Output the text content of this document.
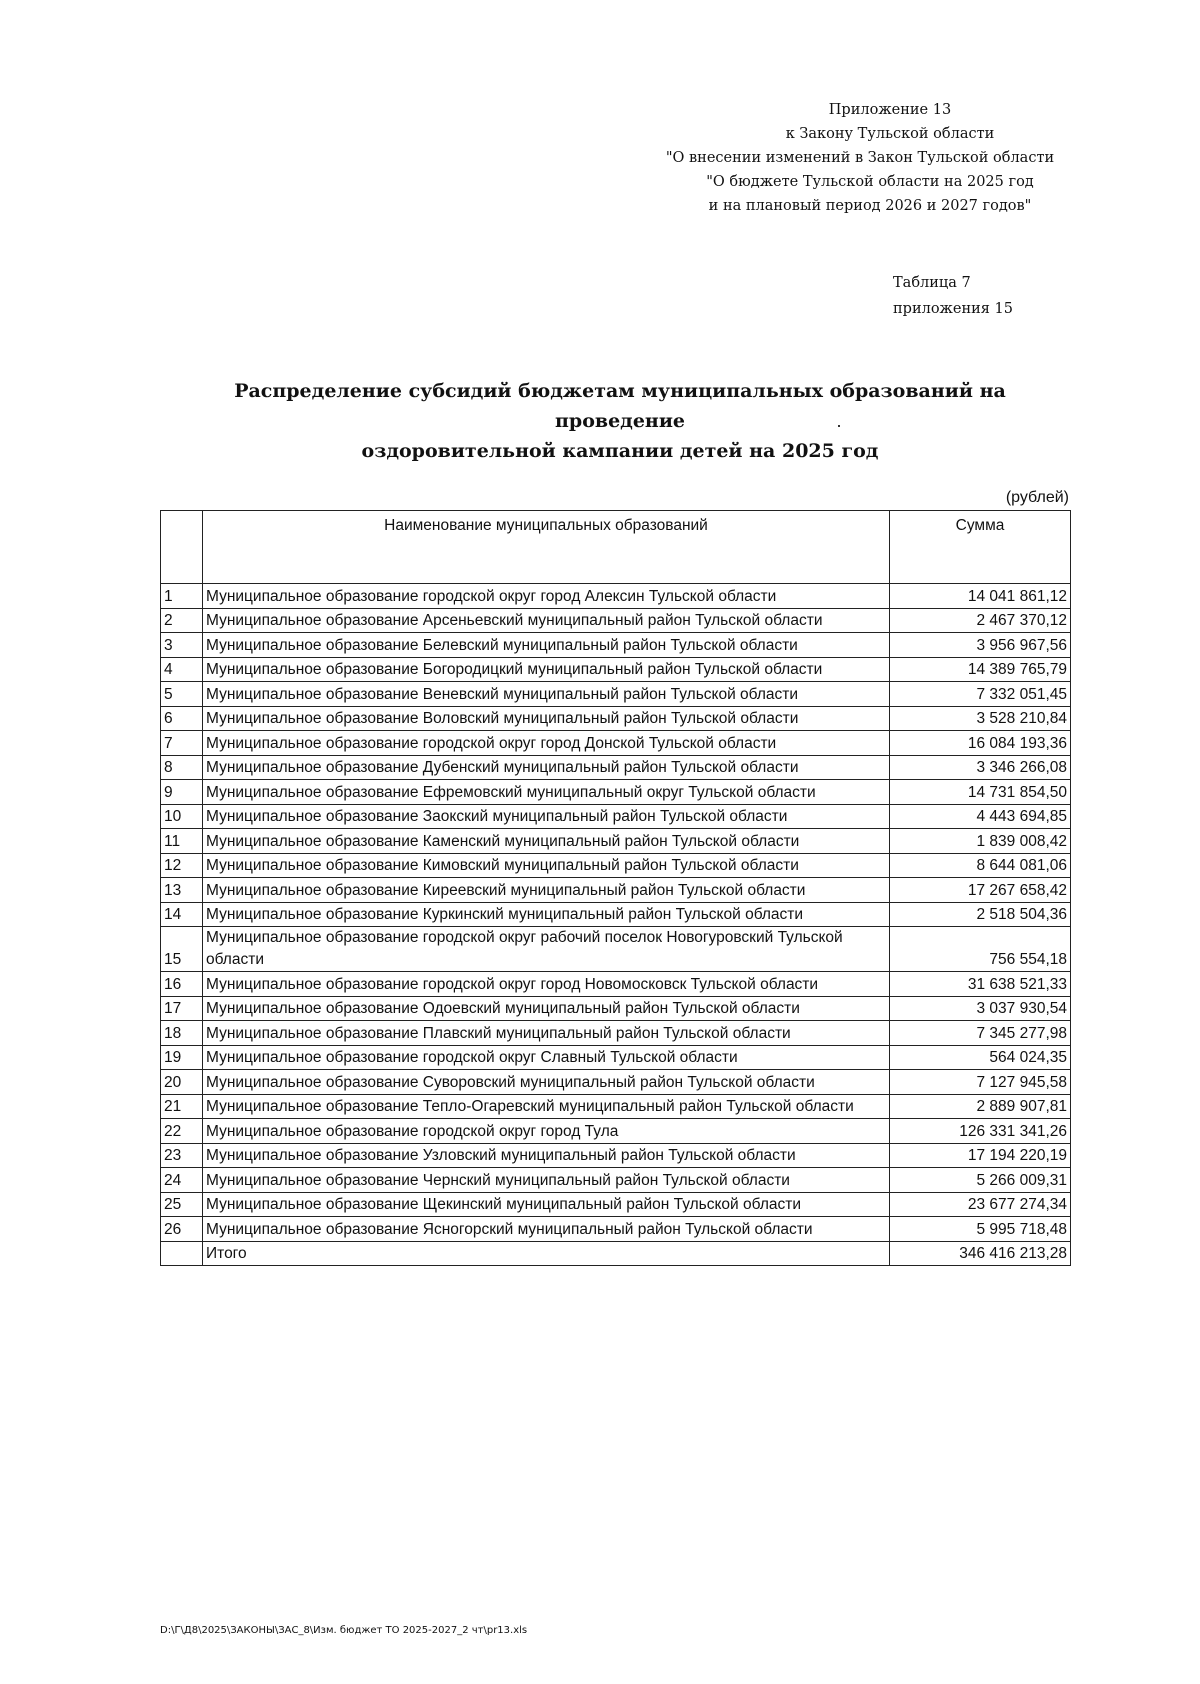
Приложение 13
к Закону Тульской области
"О внесении изменений в Закон Тульской области
"О бюджете Тульской области на 2025 год
и на плановый период 2026 и 2027 годов"
Таблица 7
приложения 15
Распределение субсидий бюджетам муниципальных образований на проведение
оздоровительной кампании детей на 2025 год
(рублей)
	Наименование муниципальных образований	Сумма
1	Муниципальное образование городской округ город Алексин Тульской области	14 041 861,12
2	Муниципальное образование Арсеньевский муниципальный район Тульской области	2 467 370,12
3	Муниципальное образование Белевский муниципальный район Тульской области	3 956 967,56
4	Муниципальное образование Богородицкий муниципальный район Тульской области	14 389 765,79
5	Муниципальное образование Веневский муниципальный район Тульской области	7 332 051,45
6	Муниципальное образование Воловский муниципальный район Тульской области	3 528 210,84
7	Муниципальное образование городской округ город Донской Тульской области	16 084 193,36
8	Муниципальное образование Дубенский муниципальный район Тульской области	3 346 266,08
9	Муниципальное образование Ефремовский муниципальный округ Тульской области	14 731 854,50
10	Муниципальное образование Заокский муниципальный район Тульской области	4 443 694,85
11	Муниципальное образование Каменский муниципальный район Тульской области	1 839 008,42
12	Муниципальное образование Кимовский муниципальный район Тульской области	8 644 081,06
13	Муниципальное образование Киреевский муниципальный район Тульской области	17 267 658,42
14	Муниципальное образование Куркинский муниципальный район Тульской области	2 518 504,36
15	Муниципальное образование городской округ рабочий поселок Новогуровский Тульской области	756 554,18
16	Муниципальное образование городской округ город Новомосковск Тульской области	31 638 521,33
17	Муниципальное образование Одоевский муниципальный район Тульской области	3 037 930,54
18	Муниципальное образование Плавский муниципальный район Тульской области	7 345 277,98
19	Муниципальное образование городской округ Славный Тульской области	564 024,35
20	Муниципальное образование Суворовский муниципальный район Тульской области	7 127 945,58
21	Муниципальное образование Тепло-Огаревский муниципальный район Тульской области	2 889 907,81
22	Муниципальное образование городской округ город Тула	126 331 341,26
23	Муниципальное образование Узловский муниципальный район Тульской области	17 194 220,19
24	Муниципальное образование Чернский муниципальный район Тульской области	5 266 009,31
25	Муниципальное образование Щекинский муниципальный район Тульской области	23 677 274,34
26	Муниципальное образование Ясногорский муниципальный район Тульской области	5 995 718,48
	Итого	346 416 213,28
D:\Г\Д8\2025\ЗАКОНЫ\ЗАС_8\Изм. бюджет ТО 2025-2027_2 чт\pr13.xls
